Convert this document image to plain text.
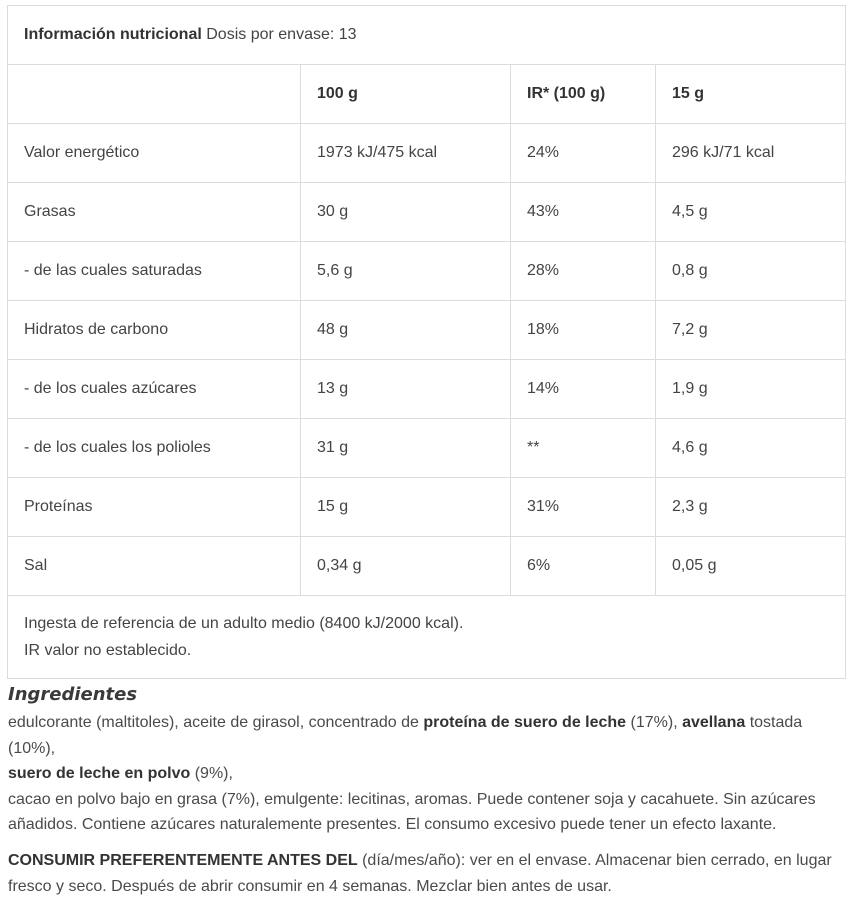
Información nutricional Dosis por envase: 13			
	100 g	IR* (100 g)	15 g
Valor energético	1973 kJ/475 kcal	24%	296 kJ/71 kcal
Grasas	30 g	43%	4,5 g
- de las cuales saturadas	5,6 g	28%	0,8 g
Hidratos de carbono	48 g	18%	7,2 g
- de los cuales azúcares	13 g	14%	1,9 g
- de los cuales los polioles	31 g	**	4,6 g
Proteínas	15 g	31%	2,3 g
Sal	0,34 g	6%	0,05 g

Ingesta de referencia de un adulto medio (8400 kJ/2000 kcal).
IR valor no establecido.			
Ingredientes

edulcorante (maltitoles), aceite de girasol, concentrado de proteína de suero de leche (17%), avellana tostada (10%),
suero de leche en polvo (9%),
cacao en polvo bajo en grasa (7%), emulgente: lecitinas, aromas. Puede contener soja y cacahuete. Sin azúcares añadidos. Contiene azúcares naturalemente presentes. El consumo excesivo puede tener un efecto laxante.

CONSUMIR PREFERENTEMENTE ANTES DEL (día/mes/año): ver en el envase. Almacenar bien cerrado, en lugar fresco y seco. Después de abrir consumir en 4 semanas. Mezclar bien antes de usar.
